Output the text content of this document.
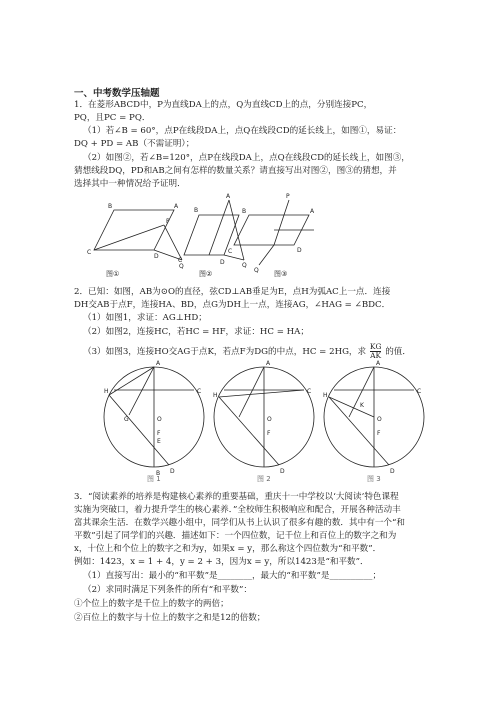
一、中考数学压轴题
1．在菱形ABCD中，P为直线DA上的点，Q为直线CD上的点，分别连接PC，
PQ，且PC = PQ．
（1）若∠B = 60°，点P在线段DA上，点Q在线段CD的延长线上，如图①，易证：
DQ + PD = AB（不需证明）；
（2）如图②，若∠B=120°，点P在线段DA上，点Q在线段CD的延长线上，如图③，
猜想线段DQ，PD和AB之间有怎样的数量关系？请直接写出对图②，图③的猜想，并
选择其中一种情况给予证明．
C
B	A
P
D
Q
C
B
A
D	Q
B	A
C	D
Q
P
图①	图②	图③
2．已知：如图，AB为⊙O的直径，弦CD⊥AB垂足为E，点H为弧AC上一点．连接
DH交AB于点F，连接HA、BD，点G为DH上一点，连接AG，∠HAG = ∠BDC．
（1）如图1，求证：AG⊥HD；
（2）如图2，连接HC，若HC = HF，求证：HC = HA；
（3）如图3，连接HO交AG于点K，若点F为DG的中点，HC = 2HG，求 $\frac{KG}{AK}$ 的值．
A
H	C
G	O
F
E
D
B
A
H
C
O
F
D
A
H
C
K
O
F
D
图 1	图 2	图 3
3．“阅读素养的培养是构建核心素养的重要基础，重庆十一中学校以‘大阅读’特色课程
实施为突破口，着力提升学生的核心素养．”全校师生积极响应和配合，开展各种活动丰
富其课余生活．在数学兴趣小组中，同学们从书上认识了很多有趣的数．其中有一个“和
平数”引起了同学们的兴趣．描述如下：一个四位数，记千位上和百位上的数字之和为
x，十位上和个位上的数字之和为y，如果x = y，那么称这个四位数为“和平数”．
例如：1423，x = 1 + 4，y = 2 + 3，因为x = y，所以1423是“和平数”．
（1）直接写出：最小的“和平数”是________，最大的“和平数”是__________；
（2）求同时满足下列条件的所有“和平数”：
①个位上的数字是千位上的数字的两倍；
②百位上的数字与十位上的数字之和是12的倍数；
